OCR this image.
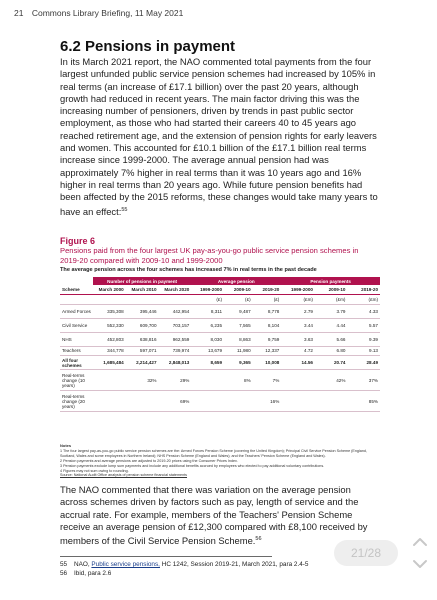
21 Commons Library Briefing, 11 May 2021
6.2 Pensions in payment
In its March 2021 report, the NAO commented total payments from the four largest unfunded public service pension schemes had increased by 105% in real terms (an increase of £17.1 billion) over the past 20 years, although growth had reduced in recent years. The main factor driving this was the increasing number of pensioners, driven by trends in past public sector employment, as those who had started their careers 40 to 45 years ago reached retirement age, and the extension of pension rights for early leavers and women. This accounted for £10.1 billion of the £17.1 billion real terms increase since 1999-2000. The average annual pension had was approximately 7% higher in real terms than it was 10 years ago and 16% higher in real terms than 20 years ago. While future pension benefits had been affected by the 2015 reforms, these changes would take many years to have an effect:$^{55}$
Figure 6
Pensions paid from the four largest UK pay-as-you-go public service pension schemes in 2019-20 compared with 2009-10 and 1999-2000
The average pension across the four schemes has increased 7% in real terms in the past decade
	Number of pensions in payment			Average pension			Pension payments		
Scheme	March 2000	March 2010	March 2020	1999-2000	2009-10	2019-20	1999-2000	2009-10	2019-20
				(£)	(£)	(£)	(£m)	(£m)	(£m)
Armed Forces	335,308	395,446	442,954	8,311	9,487	8,778	2.79	3.79	4.33
Civil Service	552,330	609,700	703,157	6,235	7,565	8,104	3.44	4.44	5.57
NHS	452,803	638,816	962,559	8,030	8,863	9,759	3.63	5.66	9.39
Teachers	344,778	597,071	739,974	13,679	11,980	12,337	4.72	6.80	9.13
All four schemes	1,685,484	2,214,427	2,848,013	8,659	9,365	10,008	14.56	20.74	28.49
Real-terms change (10 years)		32%	29%		8%	7%		42%	37%
Real-terms change (20 years)			69%			16%			85%
Notes
1 The four largest pay-as-you-go public service pension schemes are the: Armed Forces Pension Scheme (covering the United Kingdom); Principal Civil Service Pension Scheme (England, Scotland, Wales and some employees in Northern Ireland); NHS Pension Scheme (England and Wales); and the Teachers' Pension Scheme (England and Wales).
2 Pension payments and average pensions are adjusted to 2019-20 prices using the Consumer Prices Index.
3 Pension payments exclude lump sum payments and include any additional benefits accrued by employees who elected to pay additional voluntary contributions.
4 Figures may not sum owing to rounding.
Source: National Audit Office analysis of pension scheme financial statements
The NAO commented that there was variation on the average pension across schemes driven by factors such as pay, length of service and the accrual rate. For example, members of the Teachers' Pension Scheme receive an average pension of £12,300 compared with £8,100 received by members of the Civil Service Pension Scheme.$^{56}$
21/28
55 NAO, Public service pensions, HC 1242, Session 2019-21, March 2021, para 2.4-5
56 Ibid, para 2.6
